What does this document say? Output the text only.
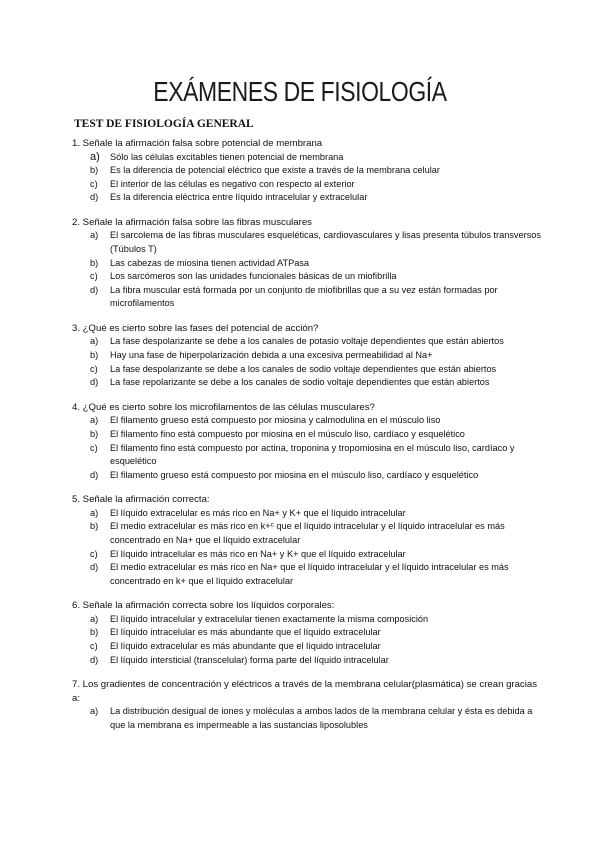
EXÁMENES DE FISIOLOGÍA
TEST DE FISIOLOGÍA GENERAL
1. Señale la afirmación falsa sobre potencial de membrana
a) Sólo las células excitables tienen potencial de membrana
b) Es la diferencia de potencial eléctrico que existe a través de la membrana celular
c) El interior de las células es negativo con respecto al exterior
d) Es la diferencia eléctrica entre líquido intracelular y extracelular
2. Señale la afirmación falsa sobre las fibras musculares
a) El sarcolema de las fibras musculares esqueléticas, cardiovasculares y lisas presenta túbulos transversos (Túbulos T)
b) Las cabezas de miosina tienen actividad ATPasa
c) Los sarcómeros son las unidades funcionales básicas de un miofibrilla
d) La fibra muscular está formada por un conjunto de miofibrillas que a su vez están formadas por microfilamentos
3. ¿Qué es cierto sobre las fases del potencial de acción?
a) La fase despolarizante se debe a los canales de potasio voltaje dependientes que están abiertos
b) Hay una fase de hiperpolarización debida a una excesiva permeabilidad al Na+
c) La fase despolarizante se debe a los canales de sodio voltaje dependientes que están abiertos
d) La fase repolarizante se debe a los canales de sodio voltaje dependientes que están abiertos
4. ¿Qué es cierto sobre los microfilamentos de las células musculares?
a) El filamento grueso está compuesto por miosina y calmodulina en el músculo liso
b) El filamento fino está compuesto por miosina en el músculo liso, cardíaco y esquelético
c) El filamento fino está compuesto por actina, troponina y tropomiosina en el músculo liso, cardíaco y esquelético
d) El filamento grueso está compuesto por miosina en el músculo liso, cardíaco y esquelético
5. Señale la afirmación correcta:
a) El líquido extracelular es más rico en Na+ y K+ que el líquido intracelular
b) El medio extracelular es más rico en k+ᶜ que el líquido intracelular y el líquido intracelular es más concentrado en Na+ que el líquido extracelular
c) El líquido intracelular es más rico en Na+ y K+ que el líquido extracelular
d) El medio extracelular es más rico en Na+ que el líquido intracelular y el líquido intracelular es más concentrado en k+ que el líquido extracelular
6. Señale la afirmación correcta sobre los líquidos corporales:
a) El líquido intracelular y extracelular tienen exactamente la misma composición
b) El líquido intracelular es más abundante que el líquido extracelular
c) El líquido extracelular es más abundante que el líquido intracelular
d) El líquido intersticial (transcelular) forma parte del líquido intracelular
7. Los gradientes de concentración y eléctricos a través de la membrana celular(plasmática) se crean gracias a:
a) La distribución desigual de iones y moléculas a ambos lados de la membrana celular y ésta es debida a que la membrana es impermeable a las sustancias liposolubles
